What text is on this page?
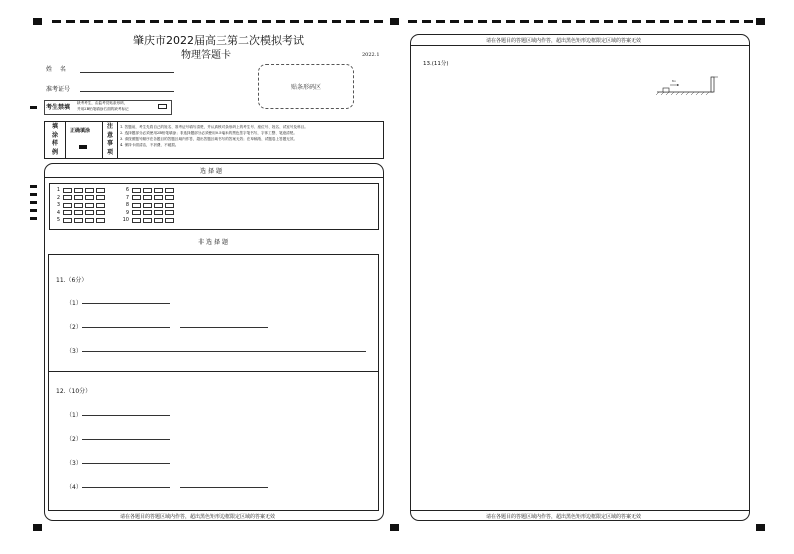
肇庆市2022届高三第二次模拟考试
物理答题卡	2022.1
姓 名
准考证号	贴条形码区
考生禁填
缺考考生，由监考员贴条形码，
并用2B铅笔填涂右面的缺考标记
填
涂
样
例
正确填涂
注
意
事
项
1. 答题前，考生先将自己的姓名、准考证号填写清楚，并认真核对条形码上的考生号、座位号、姓名、试室号及科目。
2. 选择题部分必须使用2B铅笔填涂；非选择题部分必须使用0.5毫米的黑色签字笔书写，字体工整、笔迹清楚。
3. 请按照题号顺序在各题目的答题区域内作答，超出答题区域书写的答案无效；在草稿纸、试题卷上答题无效。
4. 保持卡面清洁，不折叠，不破损。
选择题
1
2
3
4
5
6
7
8
9
10
非选择题
11.（6分）
（1）
（2）
（3）
12.（10分）
（1）
（2）
（3）
（4）
请在各题目的答题区域内作答，超出黑色矩形边框限定区域的答案无效
请在各题目的答题区域内作答，超出黑色矩形边框限定区域的答案无效
请在各题目的答题区域内作答，超出黑色矩形边框限定区域的答案无效
13.(11分)
v₀
